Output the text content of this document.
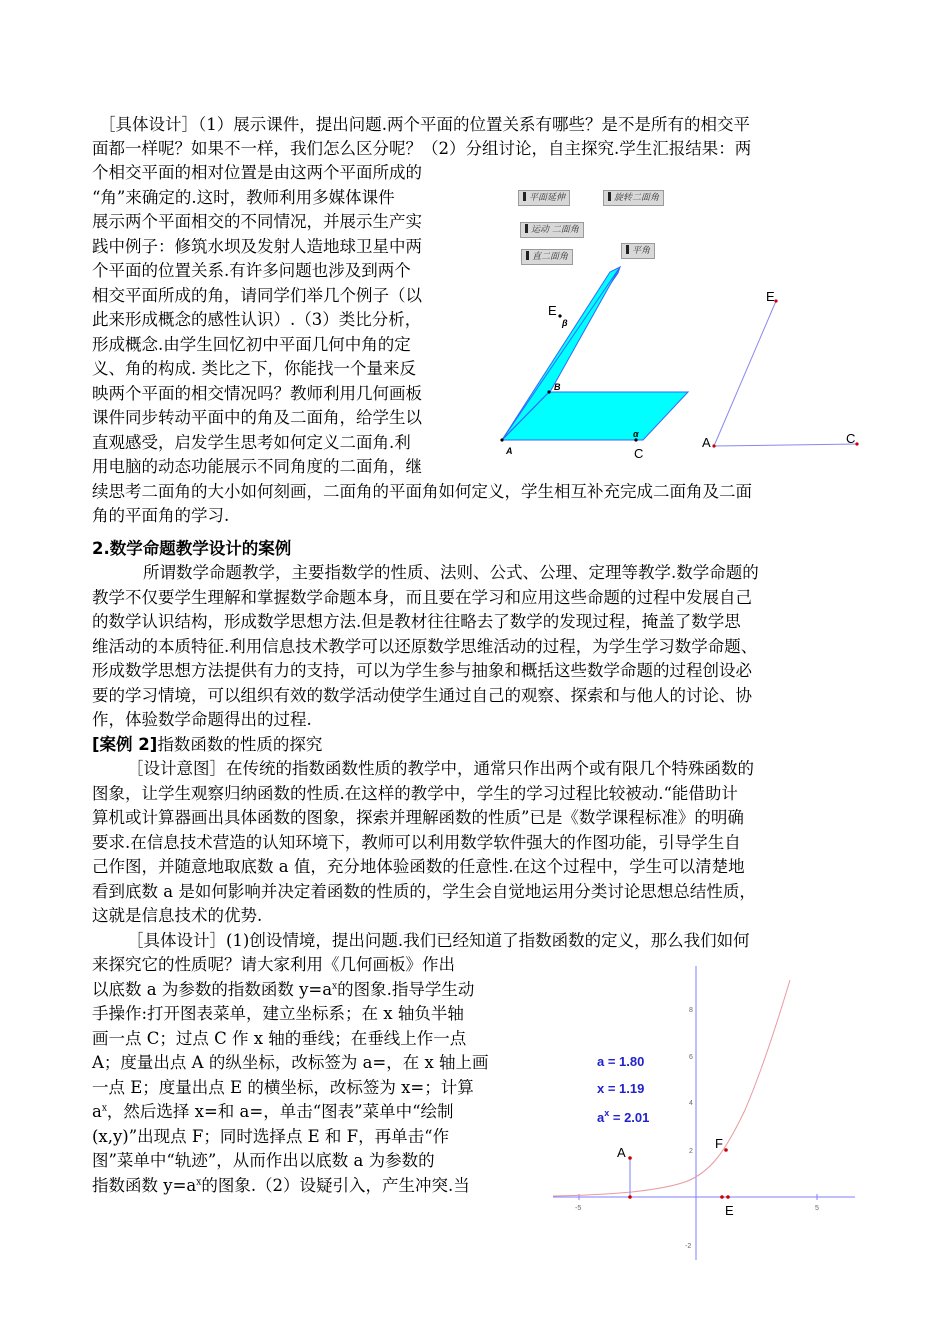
［具体设计］（1）展示课件，提出问题.两个平面的位置关系有哪些？是不是所有的相交平
面都一样呢？如果不一样，我们怎么区分呢？（2）分组讨论，自主探究.学生汇报结果：两
个相交平面的相对位置是由这两个平面所成的
“角”来确定的.这时，教师利用多媒体课件
展示两个平面相交的不同情况，并展示生产实
践中例子：修筑水坝及发射人造地球卫星中两
个平面的位置关系.有许多问题也涉及到两个
相交平面所成的角，请同学们举几个例子（以
此来形成概念的感性认识）.（3）类比分析，
形成概念.由学生回忆初中平面几何中角的定
义、角的构成. 类比之下，你能找一个量来反
映两个平面的相交情况吗？教师利用几何画板
课件同步转动平面中的角及二面角，给学生以
直观感受，启发学生思考如何定义二面角.利
用电脑的动态功能展示不同角度的二面角，继
续思考二面角的大小如何刻画，二面角的平面角如何定义，学生相互补充完成二面角及二面
角的平面角的学习.
平面延伸	旋转二面角
运动 二面角
平角
直二面角
E
β
B
α
A	C
E
A	C
2.数学命题教学设计的案例
所谓数学命题教学，主要指数学的性质、法则、公式、公理、定理等教学.数学命题的
教学不仅要学生理解和掌握数学命题本身，而且要在学习和应用这些命题的过程中发展自己
的数学认识结构，形成数学思想方法.但是教材往往略去了数学的发现过程，掩盖了数学思
维活动的本质特征.利用信息技术教学可以还原数学思维活动的过程，为学生学习数学命题、
形成数学思想方法提供有力的支持，可以为学生参与抽象和概括这些数学命题的过程创设必
要的学习情境，可以组织有效的数学活动使学生通过自己的观察、探索和与他人的讨论、协
作，体验数学命题得出的过程.
[案例 2]指数函数的性质的探究
［设计意图］在传统的指数函数性质的教学中，通常只作出两个或有限几个特殊函数的
图象，让学生观察归纳函数的性质.在这样的教学中，学生的学习过程比较被动.“能借助计
算机或计算器画出具体函数的图象，探索并理解函数的性质”已是《数学课程标准》的明确
要求.在信息技术营造的认知环境下，教师可以利用数学软件强大的作图功能，引导学生自
己作图，并随意地取底数 a 值，充分地体验函数的任意性.在这个过程中，学生可以清楚地
看到底数 a 是如何影响并决定着函数的性质的，学生会自觉地运用分类讨论思想总结性质，
这就是信息技术的优势.
［具体设计］(1)创设情境，提出问题.我们已经知道了指数函数的定义，那么我们如何
来探究它的性质呢？请大家利用《几何画板》作出
以底数 a 为参数的指数函数 $y=a^x$的图象.指导学生动
手操作:打开图表菜单，建立坐标系；在 x 轴负半轴
画一点 C；过点 C 作 x 轴的垂线；在垂线上作一点
A；度量出点 A 的纵坐标，改标签为 a=，在 x 轴上画
一点 E；度量出点 E 的横坐标，改标签为 x=；计算
$a^x$，然后选择 x=和 a=，单击“图表”菜单中“绘制
(x,y)”出现点 F；同时选择点 E 和 F，再单击“作
图”菜单中“轨迹”，从而作出以底数 a 为参数的
指数函数 $y=a^x$的图象.（2）设疑引入，产生冲突.当
-5	5
8
6
4
2
-2
a = 1.80
x = 1.19
$a^x = 2.01$
A
F
E
